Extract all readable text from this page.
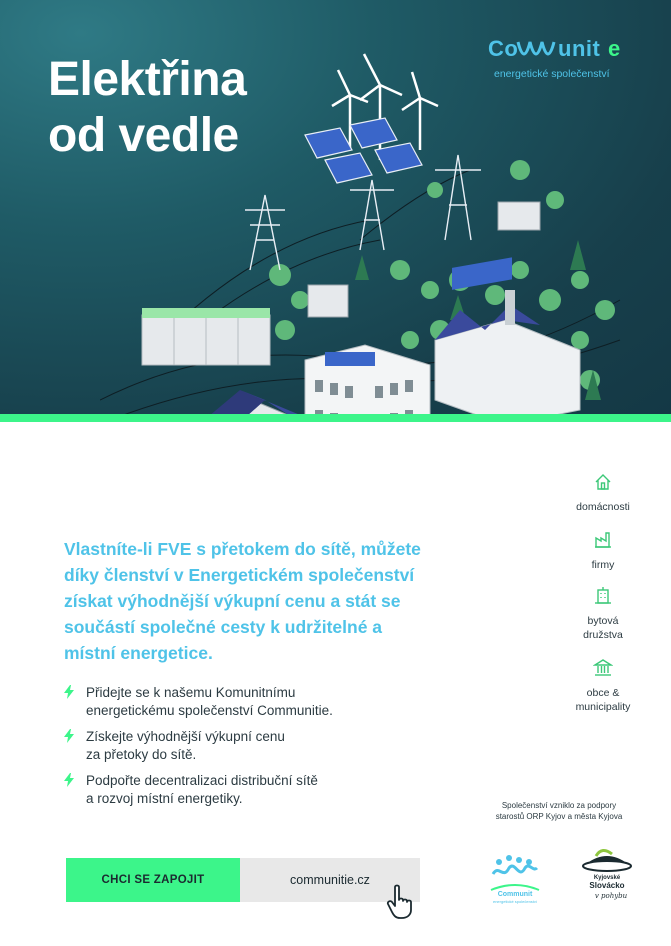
Elektřina
od vedle
Co unit e
energetické společenství
Vlastníte-li FVE s přetokem do sítě, můžete díky členství v Energetickém společenství získat výhodnější výkupní cenu a stát se součástí společné cesty k udržitelné a místní energetice.
Přidejte se k našemu Komunitnímu
energetickému společenství Communitie.
Získejte výhodnější výkupní cenu
za přetoky do sítě.
Podpořte decentralizaci distribuční sítě
a rozvoj místní energetiky.
domácnosti
firmy
bytová
družstva
obce &
municipality
Společenství vzniklo za podpory
starostů ORP Kyjov a města Kyjova
CHCI SE ZAPOJIT	communitie.cz
Communit
energetické společenství
Kyjovské
Slovácko
v pohybu
